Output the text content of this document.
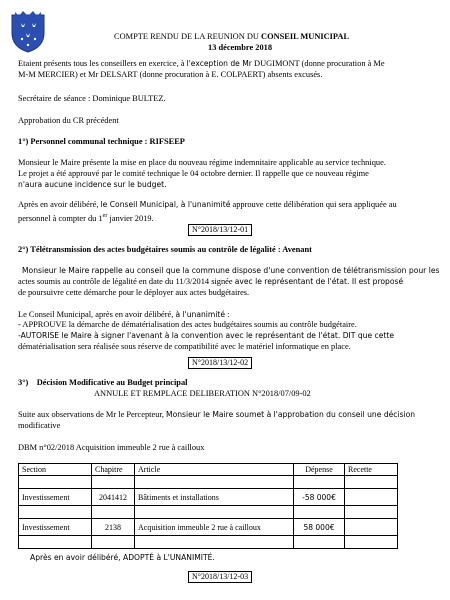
COMPTE RENDU DE LA REUNION DU CONSEIL MUNICIPAL
13 décembre 2018
Etaient présents tous les conseillers en exercice, à l'exception de Mr DUGIMONT (donne procuration à Me
M-M MERCIER) et Mr DELSART (donne procuration à E. COLPAERT) absents excusés.
Secrétaire de séance : Dominique BULTEZ.
Approbation du CR précédent
1°) Personnel communal technique : RIFSEEP
Monsieur le Maire présente la mise en place du nouveau régime indemnitaire applicable au service technique.
Le projet a été approuvé par le comité technique le 04 octobre dernier. Il rappelle que ce nouveau régime
n'aura aucune incidence sur le budget.
Après en avoir délibéré, le Conseil Municipal, à l'unanimité approuve cette délibération qui sera appliquée au
personnel à compter du 1er janvier 2019.
N°2018/13/12-01
2°) Télétransmission des actes budgétaires soumis au contrôle de légalité : Avenant
Monsieur le Maire rappelle au conseil que la commune dispose d'une convention de télétransmission pour les
actes soumis au contrôle de légalité en date du 11/3/2014 signée avec le représentant de l'état. Il est proposé
de poursuivre cette démarche pour le déployer aux actes budgétaires.
Le Conseil Municipal, après en avoir délibéré, à l'unanimité :
- APPROUVE la démarche de dématérialisation des actes budgétaires soumis au contrôle budgétaire.
-AUTORISE le Maire à signer l'avenant à la convention avec le représentant de l'état. DIT que cette
dématérialisation sera réalisée sous réserve de compatibilité avec le matériel informatique en place.
N°2018/13/12-02
3°) Décision Modificative au Budget principal
ANNULE ET REMPLACE DELIBERATION N°2018/07/09-02
Suite aux observations de Mr le Percepteur, Monsieur le Maire soumet à l'approbation du conseil une décision
modificative
DBM n°02/2018 Acquisition immeuble 2 rue à cailloux
Section	Chapitre	Article	Dépense	Recette

Investissement	2041412	Bâtiments et installations	-58 000€	

Investissement	2138	Acquisition immeuble 2 rue à cailloux	58 000€	

Après en avoir délibéré, ADOPTÉ à L'UNANIMITÉ.
N°2018/13/12-03
